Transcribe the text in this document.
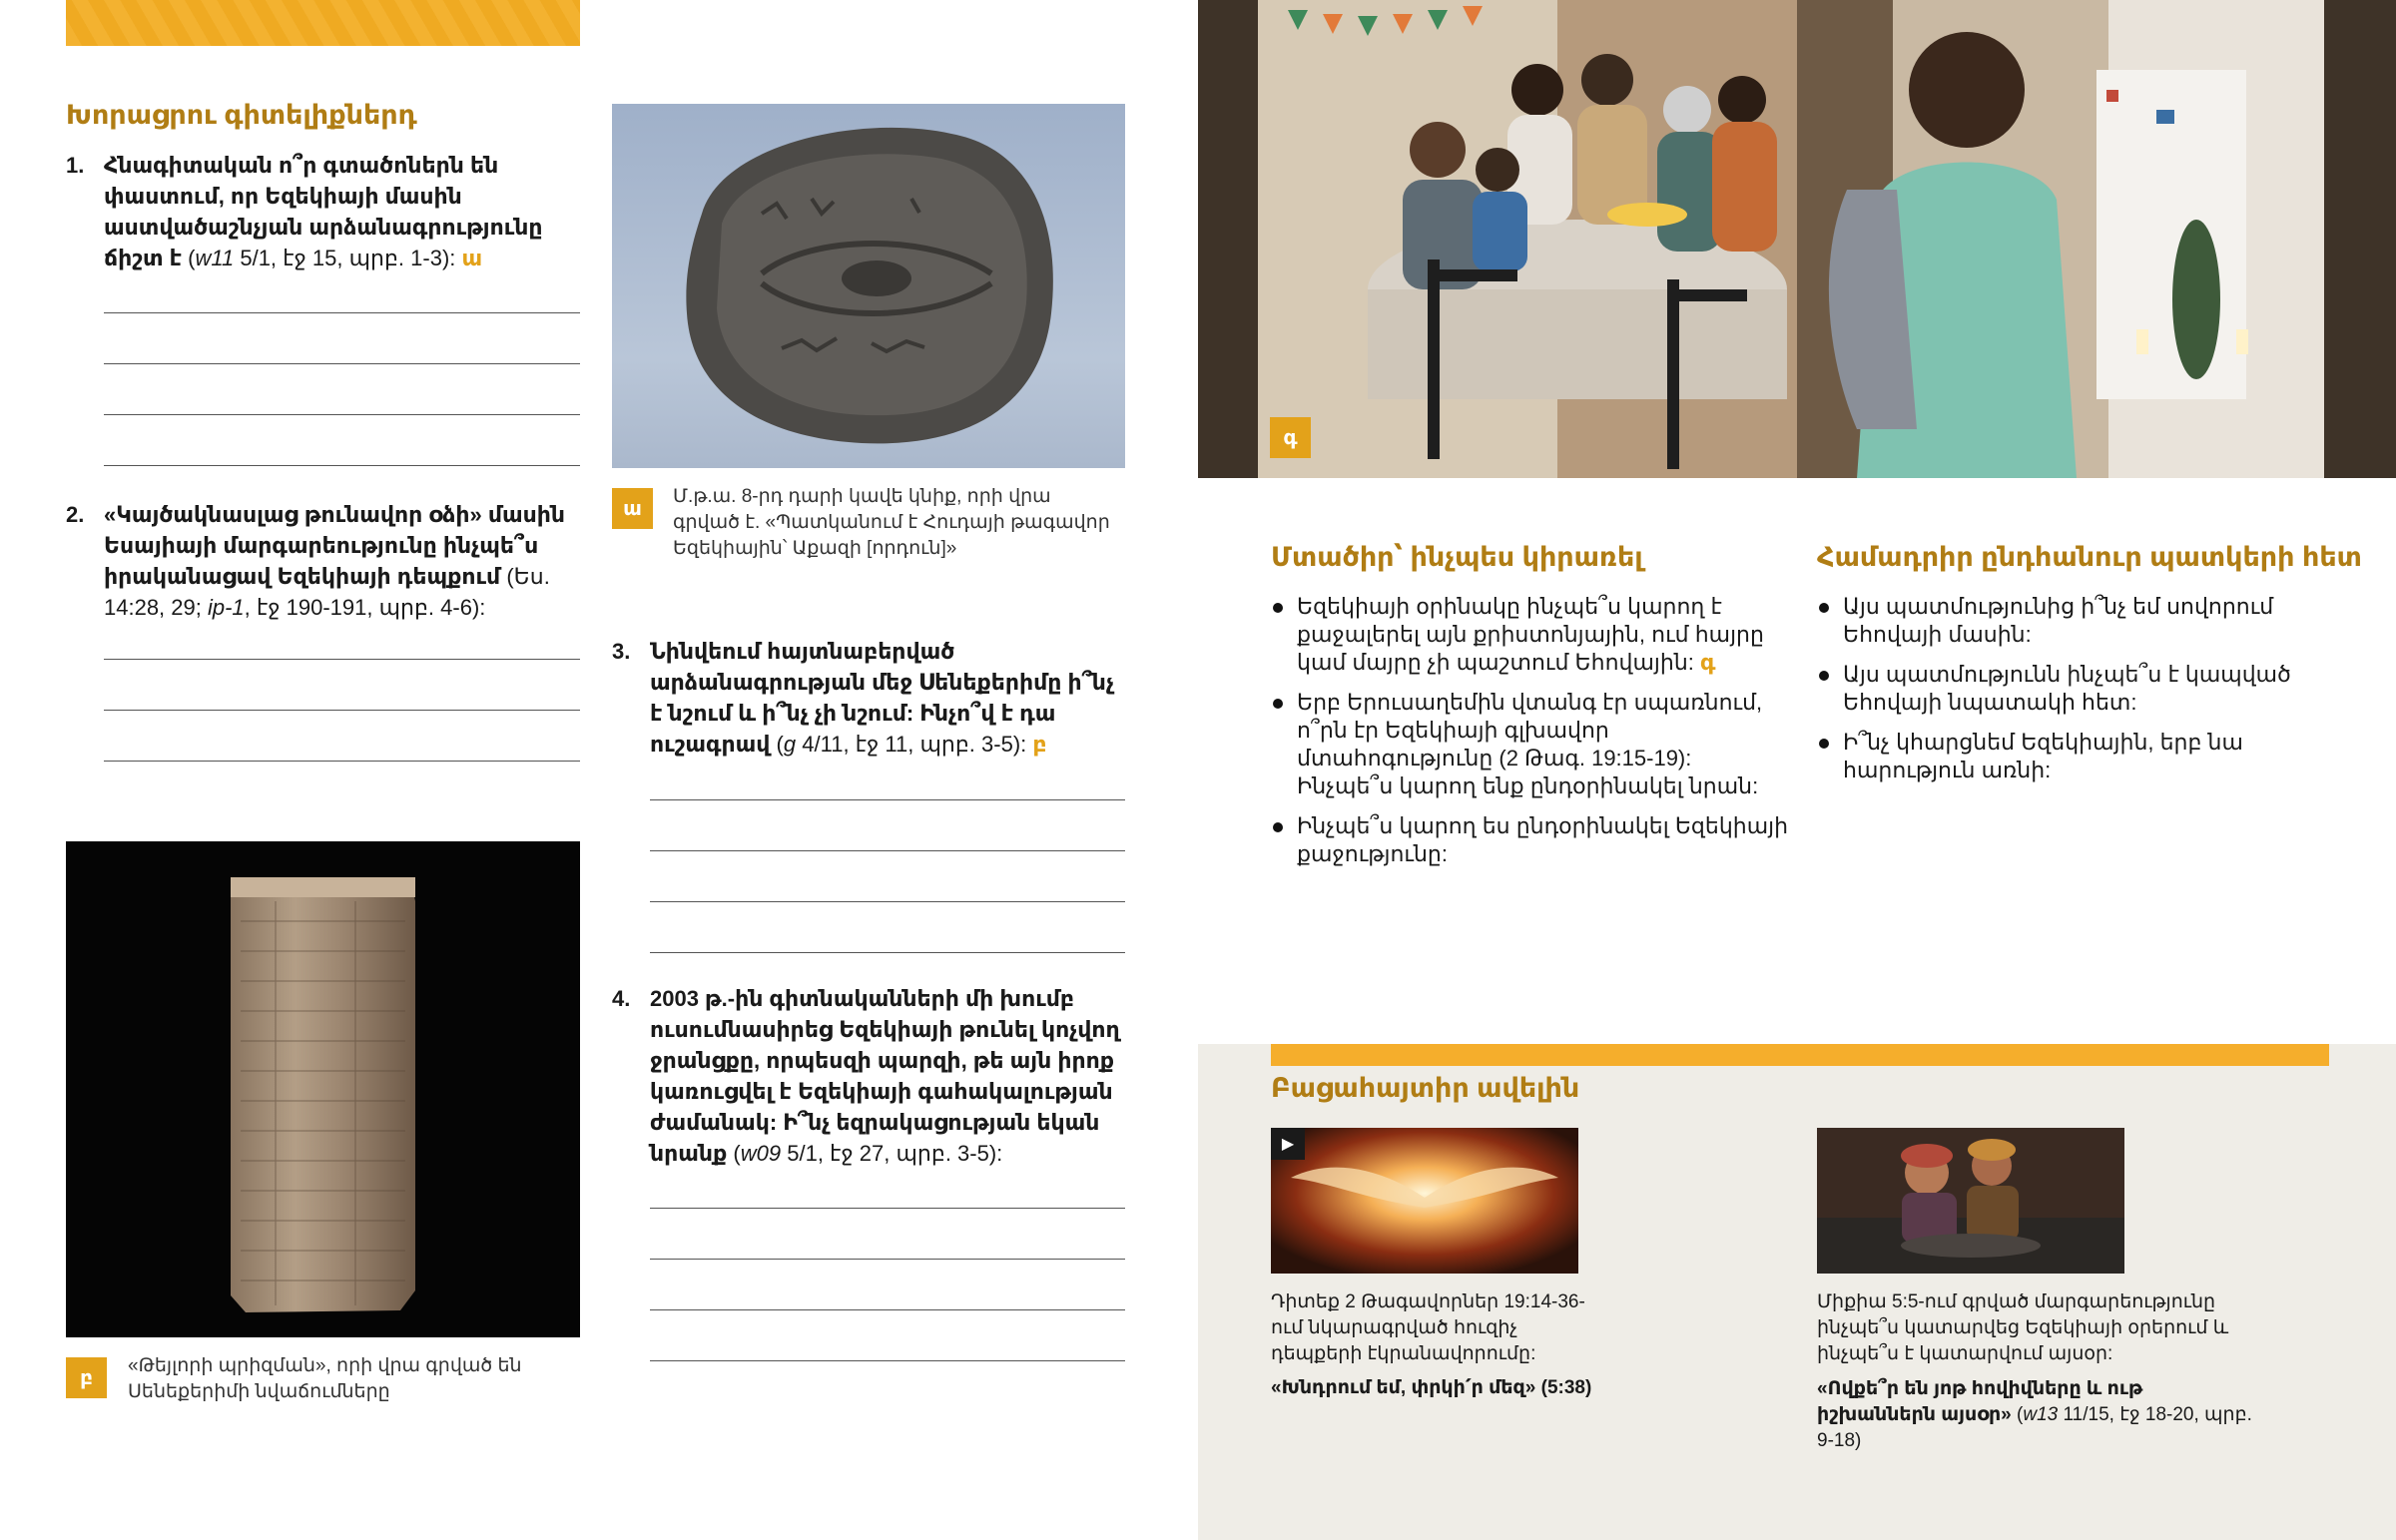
Խորացրու գիտելիքներդ
1. Հնագիտական ո՞ր գտածոներն են փաստում, որ Եզեկիայի մասին աստվածաշնչյան արձանագրությունը ճիշտ է (w11 5/1, էջ 15, պրբ. 1-3): ա
2. «Կայծակնասլաց թունավոր օձի» մասին Եսայիայի մարգարեությունը ինչպե՞ս իրականացավ Եզեկիայի դեպքում (Ես. 14:28, 29; ip-1, էջ 190-191, պրբ. 4-6):
բ
«Թեյլորի պրիզման», որի վրա գրված են Սենեքերիմի նվաճումները
ա
Մ.թ.ա. 8-րդ դարի կավե կնիք, որի վրա գրված է. «Պատկանում է Հուդայի թագավոր Եզեկիային՝ Աքազի [որդուն]»
3. Նինվեում հայտնաբերված արձանագրության մեջ Սենեքերիմը ի՞նչ է նշում և ի՞նչ չի նշում: Ինչո՞վ է դա ուշագրավ (g 4/11, էջ 11, պրբ. 3-5): բ
4. 2003 թ.-ին գիտնականների մի խումբ ուսումնասիրեց Եզեկիայի թունել կոչվող ջրանցքը, որպեսզի պարզի, թե այն իրոք կառուցվել է Եզեկիայի գահակալության ժամանակ: Ի՞նչ եզրակացության եկան նրանք (w09 5/1, էջ 27, պրբ. 3-5):
գ
Մտածիր՝ ինչպես կիրառել
Եզեկիայի օրինակը ինչպե՞ս կարող է քաջալերել այն քրիստոնյային, ում հայրը կամ մայրը չի պաշտում Եհովային: գ
Երբ Երուսաղեմին վտանգ էր սպառնում, ո՞րն էր Եզեկիայի գլխավոր մտահոգությունը (2 Թագ. 19:15-19): Ինչպե՞ս կարող ենք ընդօրինակել նրան:
Ինչպե՞ս կարող ես ընդօրինակել Եզեկիայի քաջությունը:
Համադրիր ընդհանուր պատկերի հետ
Այս պատմությունից ի՞նչ եմ սովորում Եհովայի մասին:
Այս պատմությունն ինչպե՞ս է կապված Եհովայի նպատակի հետ:
Ի՞նչ կհարցնեմ Եզեկիային, երբ նա հարություն առնի:
Բացահայտիր ավելին
▶
Դիտեք 2 Թագավորներ 19:14-36-ում նկարագրված հուզիչ դեպքերի էկրանավորումը:
«Խնդրում եմ, փրկի՛ր մեզ» (5:38)
Միքիա 5:5-ում գրված մարգարեությունը ինչպե՞ս կատարվեց Եզեկիայի օրերում և ինչպե՞ս է կատարվում այսօր:
«Ովքե՞ր են յոթ հովիվները և ութ իշխաններն այսօր» (w13 11/15, էջ 18-20, պրբ. 9-18)
